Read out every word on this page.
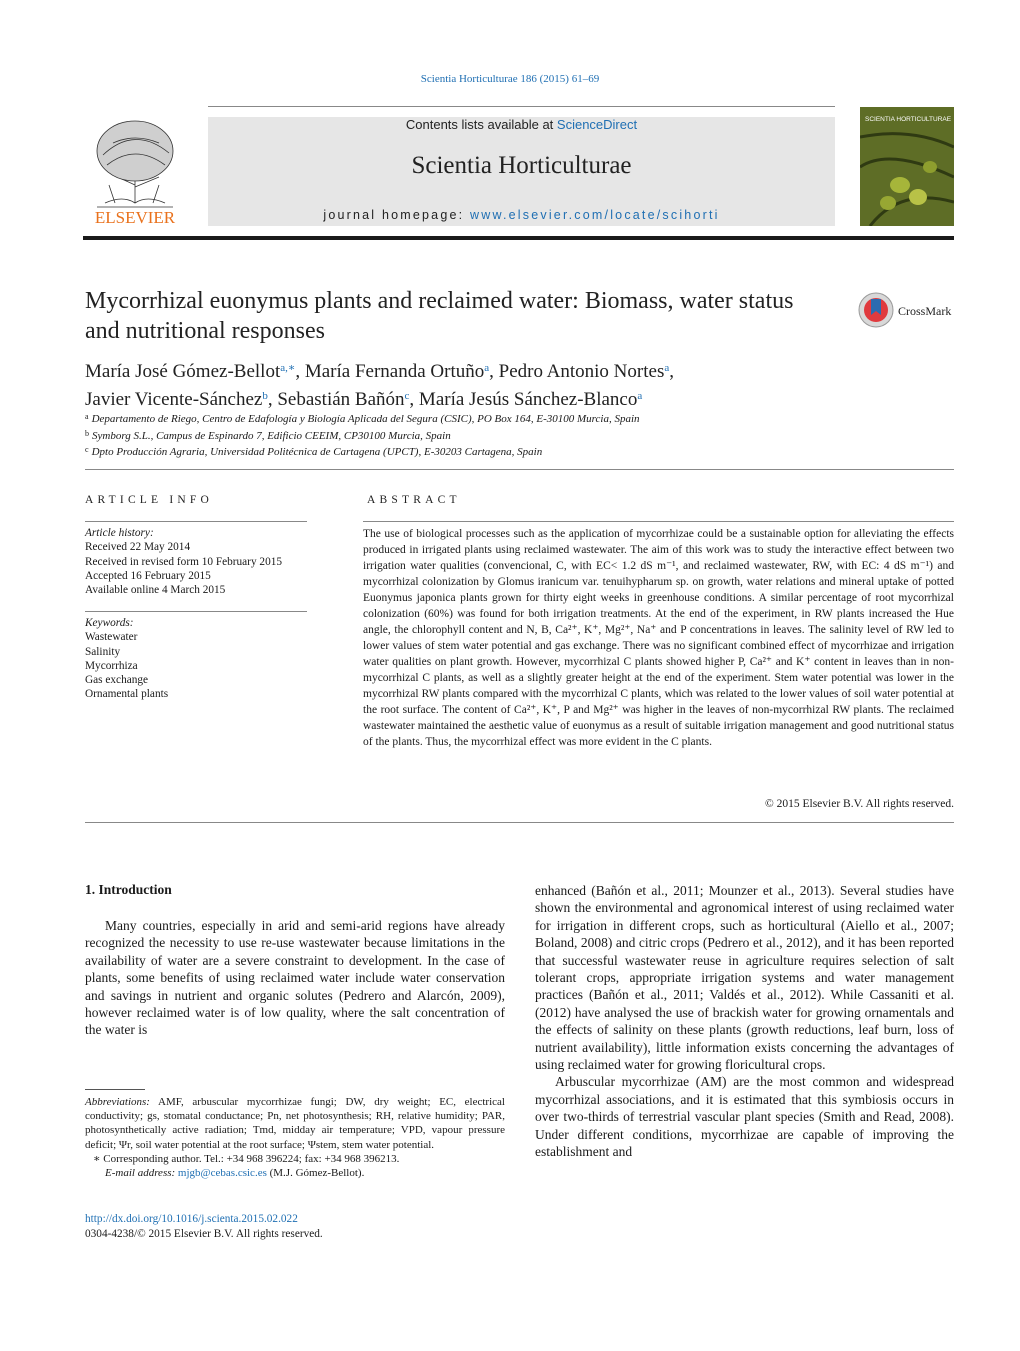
Scientia Horticulturae 186 (2015) 61–69
ELSEVIER
Contents lists available at ScienceDirect
Scientia Horticulturae
journal homepage: www.elsevier.com/locate/scihorti
SCIENTIA HORTICULTURAE
Mycorrhizal euonymus plants and reclaimed water: Biomass, water status and nutritional responses
CrossMark
María José Gómez-Bellot$^{a,∗}$, María Fernanda Ortuño$^a$, Pedro Antonio Nortes$^a$,
Javier Vicente-Sánchez$^b$, Sebastián Bañón$^c$, María Jesús Sánchez-Blanco$^a$
$^a$ Departamento de Riego, Centro de Edafología y Biología Aplicada del Segura (CSIC), PO Box 164, E-30100 Murcia, Spain
$^b$ Symborg S.L., Campus de Espinardo 7, Edificio CEEIM, CP30100 Murcia, Spain
$^c$ Dpto Producción Agraria, Universidad Politécnica de Cartagena (UPCT), E-30203 Cartagena, Spain
ARTICLE INFO
Article history:
Received 22 May 2014
Received in revised form 10 February 2015
Accepted 16 February 2015
Available online 4 March 2015
Keywords:
Wastewater
Salinity
Mycorrhiza
Gas exchange
Ornamental plants
ABSTRACT
The use of biological processes such as the application of mycorrhizae could be a sustainable option for alleviating the effects produced in irrigated plants using reclaimed wastewater. The aim of this work was to study the interactive effect between two irrigation water qualities (convencional, C, with EC< 1.2 dS m⁻¹, and reclaimed wastewater, RW, with EC: 4 dS m⁻¹) and mycorrhizal colonization by Glomus iranicum var. tenuihypharum sp. on growth, water relations and mineral uptake of potted Euonymus japonica plants grown for thirty eight weeks in greenhouse conditions. A similar percentage of root mycorrhizal colonization (60%) was found for both irrigation treatments. At the end of the experiment, in RW plants increased the Hue angle, the chlorophyll content and N, B, Ca²⁺, K⁺, Mg²⁺, Na⁺ and P concentrations in leaves. The salinity level of RW led to lower values of stem water potential and gas exchange. There was no significant combined effect of mycorrhizae and irrigation water qualities on plant growth. However, mycorrhizal C plants showed higher P, Ca²⁺ and K⁺ content in leaves than in non-mycorrhizal C plants, as well as a slightly greater height at the end of the experiment. Stem water potential was lower in the mycorrhizal RW plants compared with the mycorrhizal C plants, which was related to the lower values of soil water potential at the root surface. The content of Ca²⁺, K⁺, P and Mg²⁺ was higher in the leaves of non-mycorrhizal RW plants. The reclaimed wastewater maintained the aesthetic value of euonymus as a result of suitable irrigation management and good nutritional status of the plants. Thus, the mycorrhizal effect was more evident in the C plants.
© 2015 Elsevier B.V. All rights reserved.
1. Introduction

Many countries, especially in arid and semi-arid regions have already recognized the necessity to use re-use wastewater because limitations in the availability of water are a severe constraint to development. In the case of plants, some benefits of using reclaimed water include water conservation and savings in nutrient and organic solutes (Pedrero and Alarcón, 2009), however reclaimed water is of low quality, where the salt concentration of the water is

enhanced (Bañón et al., 2011; Mounzer et al., 2013). Several studies have shown the environmental and agronomical interest of using reclaimed water for irrigation in different crops, such as horticultural (Aiello et al., 2007; Boland, 2008) and citric crops (Pedrero et al., 2012), and it has been reported that successful wastewater reuse in agriculture requires selection of salt tolerant crops, appropriate irrigation systems and water management practices (Bañón et al., 2011; Valdés et al., 2012). While Cassaniti et al. (2012) have analysed the use of brackish water for growing ornamentals and the effects of salinity on these plants (growth reductions, leaf burn, loss of nutrient availability), little information exists concerning the advantages of using reclaimed water for growing floricultural crops.

Arbuscular mycorrhizae (AM) are the most common and widespread mycorrhizal associations, and it is estimated that this symbiosis occurs in over two-thirds of terrestrial vascular plant species (Smith and Read, 2008). Under different conditions, mycorrhizae are capable of improving the establishment and

Abbreviations: AMF, arbuscular mycorrhizae fungi; DW, dry weight; EC, electrical conductivity; gs, stomatal conductance; Pn, net photosynthesis; RH, relative humidity; PAR, photosynthetically active radiation; Tmd, midday air temperature; VPD, vapour pressure deficit; Ψr, soil water potential at the root surface; Ψstem, stem water potential.
∗ Corresponding author. Tel.: +34 968 396224; fax: +34 968 396213.
E-mail address: mjgb@cebas.csic.es (M.J. Gómez-Bellot).
http://dx.doi.org/10.1016/j.scienta.2015.02.022
0304-4238/© 2015 Elsevier B.V. All rights reserved.
